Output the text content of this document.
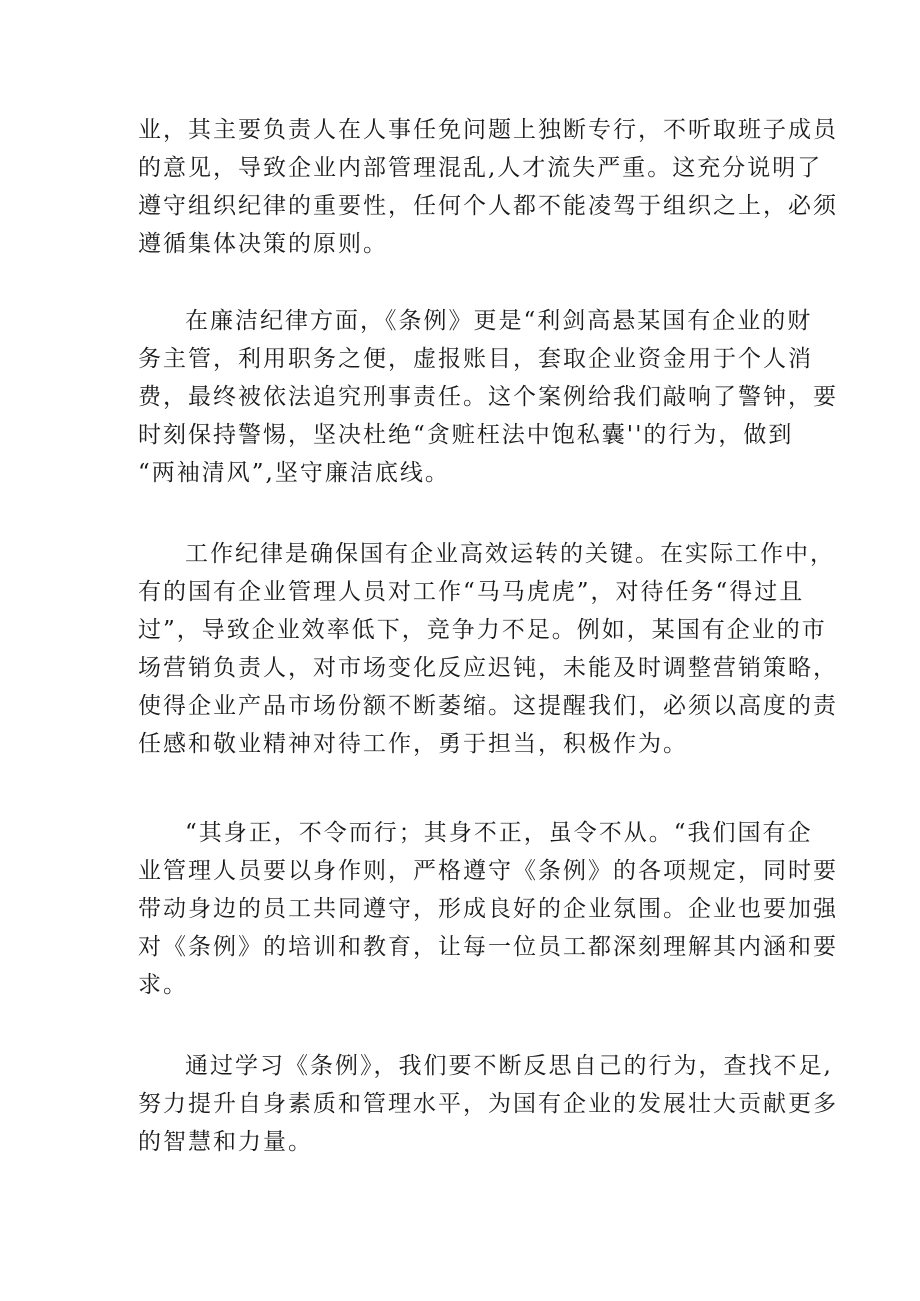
业，其主要负责人在人事任免问题上独断专行，不听取班子成员
的意见，导致企业内部管理混乱,人才流失严重。这充分说明了
遵守组织纪律的重要性，任何个人都不能凌驾于组织之上，必须
遵循集体决策的原则。

在廉洁纪律方面，《条例》更是“利剑高悬某国有企业的财
务主管，利用职务之便，虚报账目，套取企业资金用于个人消
费，最终被依法追究刑事责任。这个案例给我们敲响了警钟，要
时刻保持警惕，坚决杜绝“贪赃枉法中饱私囊''的行为，做到
“两袖清风”,坚守廉洁底线。

工作纪律是确保国有企业高效运转的关键。在实际工作中，
有的国有企业管理人员对工作“马马虎虎”，对待任务“得过且
过”，导致企业效率低下，竞争力不足。例如，某国有企业的市
场营销负责人，对市场变化反应迟钝，未能及时调整营销策略，
使得企业产品市场份额不断萎缩。这提醒我们，必须以高度的责
任感和敬业精神对待工作，勇于担当，积极作为。

“其身正，不令而行；其身不正，虽令不从。“我们国有企
业管理人员要以身作则，严格遵守《条例》的各项规定，同时要
带动身边的员工共同遵守，形成良好的企业氛围。企业也要加强
对《条例》的培训和教育，让每一位员工都深刻理解其内涵和要
求。

通过学习《条例》，我们要不断反思自己的行为，查找不足,
努力提升自身素质和管理水平，为国有企业的发展壮大贡献更多
的智慧和力量。
